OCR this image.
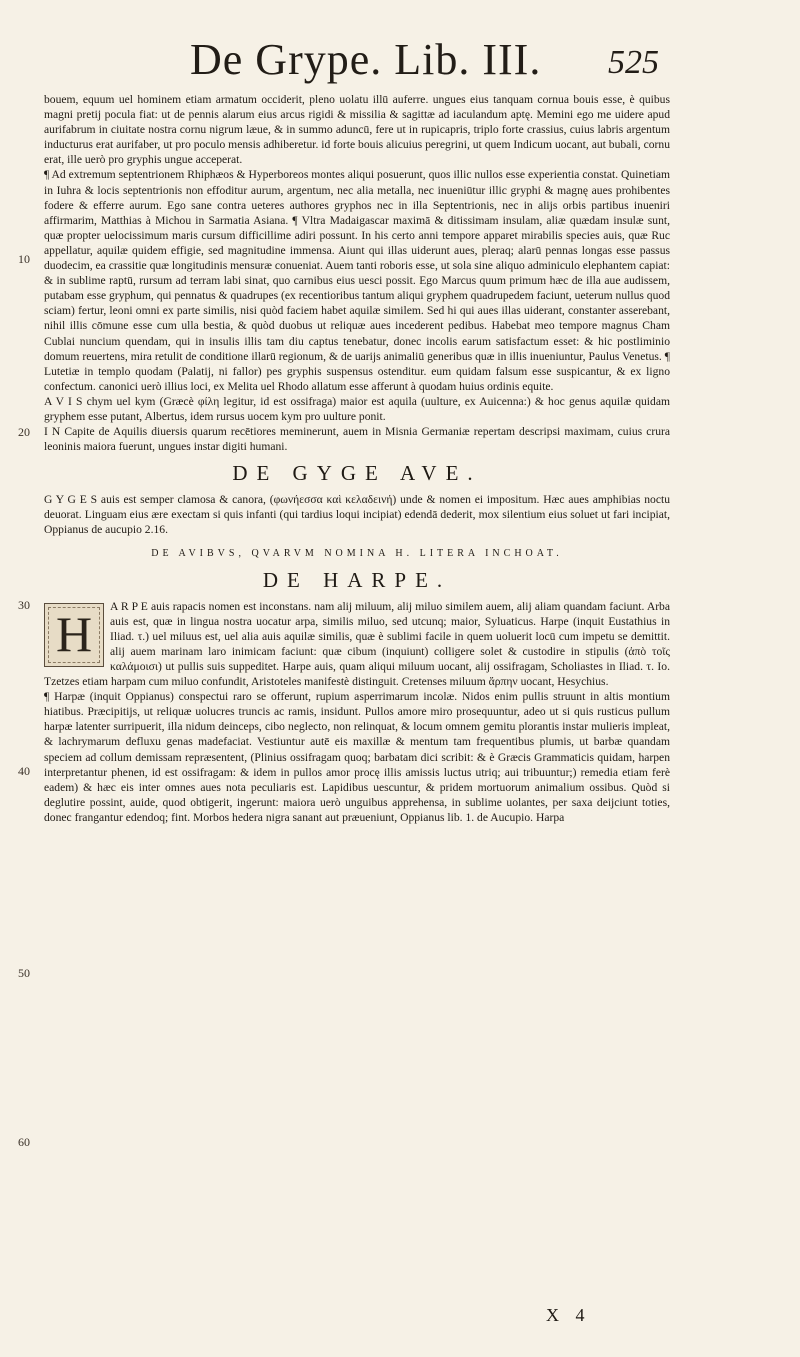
De Grype. Lib. III. 525
10
20
30
40
50
60

bouem, equum uel hominem etiam armatum occiderit, pleno uolatu illū auferre. ungues eius tanquam cornua bouis esse, è quibus magni pretij pocula fiat: ut de pennis alarum eius arcus rigidi & missilia & sagittæ ad iaculandum aptę. Memini ego me uidere apud aurifabrum in ciuitate nostra cornu nigrum læue, & in summo aduncū, fere ut in rupicapris, triplo forte crassius, cuius labris argentum inducturus erat aurifaber, ut pro poculo mensis adhiberetur. id forte bouis alicuius peregrini, ut quem Indicum uocant, aut bubali, cornu erat, ille uerò pro gryphis ungue acceperat.

¶ Ad extremum septentrionem Rhiphæos & Hyperboreos montes aliqui posuerunt, quos illic nullos esse experientia constat. Quinetiam in Iuhra & locis septentrionis non effoditur aurum, argentum, nec alia metalla, nec inueniūtur illic gryphi & magnę aues prohibentes fodere & efferre aurum. Ego sane contra ueteres authores gryphos nec in illa Septentrionis, nec in alijs orbis partibus inueniri affirmarim, Matthias à Michou in Sarmatia Asiana. ¶ Vltra Madaigascar maximā & ditissimam insulam, aliæ quædam insulæ sunt, quæ propter uelocissimum maris cursum difficillime adiri possunt. In his certo anni tempore apparet mirabilis species auis, quæ Ruc appellatur, aquilæ quidem effigie, sed magnitudine immensa. Aiunt qui illas uiderunt aues, pleraq; alarū pennas longas esse passus duodecim, ea crassitie quæ longitudinis mensuræ conueniat. Auem tanti roboris esse, ut sola sine aliquo adminiculo elephantem capiat: & in sublime raptū, rursum ad terram labi sinat, quo carnibus eius uesci possit. Ego Marcus quum primum hæc de illa aue audissem, putabam esse gryphum, qui pennatus & quadrupes (ex recentioribus tantum aliqui gryphem quadrupedem faciunt, ueterum nullus quod sciam) fertur, leoni omni ex parte similis, nisi quòd faciem habet aquilæ similem. Sed hi qui aues illas uiderant, constanter asserebant, nihil illis cōmune esse cum ulla bestia, & quòd duobus ut reliquæ aues incederent pedibus. Habebat meo tempore magnus Cham Cublai nuncium quendam, qui in insulis illis tam diu captus tenebatur, donec incolis earum satisfactum esset: & hic postliminio domum reuertens, mira retulit de conditione illarū regionum, & de uarijs animaliū generibus quæ in illis inueniuntur, Paulus Venetus. ¶ Lutetiæ in templo quodam (Palatij, ni fallor) pes gryphis suspensus ostenditur. eum quidam falsum esse suspicantur, & ex ligno confectum. canonici uerò illius loci, ex Melita uel Rhodo allatum esse afferunt à quodam huius ordinis equite.

A V I S chym uel kym (Græcè φίλη legitur, id est ossifraga) maior est aquila (uulture, ex Auicenna:) & hoc genus aquilæ quidam gryphem esse putant, Albertus, idem rursus uocem kym pro uulture ponit.

I N Capite de Aquilis diuersis quarum recētiores meminerunt, auem in Misnia Germaniæ repertam descripsi maximam, cuius crura leoninis maiora fuerunt, ungues instar digiti humani.

DE GYGE AVE.

G Y G E S auis est semper clamosa & canora, (φωνήεσσα καὶ κελαδεινή) unde & nomen ei impositum. Hæc aues amphibias noctu deuorat. Linguam eius ære exectam si quis infanti (qui tardius loqui incipiat) edendā dederit, mox silentium eius soluet ut fari incipiat, Oppianus de aucupio 2.16.

DE AVIBVS, QVARVM NOMINA H. LITERA INCHOAT.
DE HARPE.
H	A R P E auis rapacis nomen est inconstans. nam alij miluum, alij miluo similem auem, alij aliam quandam faciunt. Arba auis est, quæ in lingua nostra uocatur arpa, similis miluo, sed utcunq; maior, Syluaticus. Harpe (inquit Eustathius in Iliad. τ.) uel miluus est, uel alia auis aquilæ similis, quæ è sublimi facile in quem uoluerit locū cum impetu se demittit. alij auem marinam laro inimicam faciunt: quæ cibum (inquiunt) colligere solet & custodire in stipulis (ἀπὸ τοῖς καλάμοισι) ut pullis suis suppeditet. Harpe auis, quam aliqui miluum uocant, alij ossifragam, Scholiastes in Iliad. τ. Io. Tzetzes etiam harpam cum miluo confundit, Aristoteles manifestè distinguit. Cretenses miluum ἅρπην uocant, Hesychius.

¶ Harpæ (inquit Oppianus) conspectui raro se offerunt, rupium asperrimarum incolæ. Nidos enim pullis struunt in altis montium hiatibus. Præcipitijs, ut reliquæ uolucres truncis ac ramis, insidunt. Pullos amore miro prosequuntur, adeo ut si quis rusticus pullum harpæ latenter surripuerit, illa nidum deinceps, cibo neglecto, non relinquat, & locum omnem gemitu plorantis instar mulieris impleat, & lachrymarum defluxu genas madefaciat. Vestiuntur autē eis maxillæ & mentum tam frequentibus plumis, ut barbæ quandam speciem ad collum demissam repræsentent, (Plinius ossifragam quoq; barbatam dici scribit: & è Græcis Grammaticis quidam, harpen interpretantur phenen, id est ossifragam: & idem in pullos amor procę illis amissis luctus utriq; aui tribuuntur;) remedia etiam ferè eadem) & hæc eis inter omnes aues nota peculiaris est. Lapidibus uescuntur, & pridem mortuorum animalium ossibus. Quòd si deglutire possint, auide, quod obtigerit, ingerunt: maiora uerò unguibus apprehensa, in sublime uolantes, per saxa deijciunt toties, donec frangantur edendoq; fint. Morbos hedera nigra sanant aut præueniunt, Oppianus lib. 1. de Aucupio. Harpa

X 4
